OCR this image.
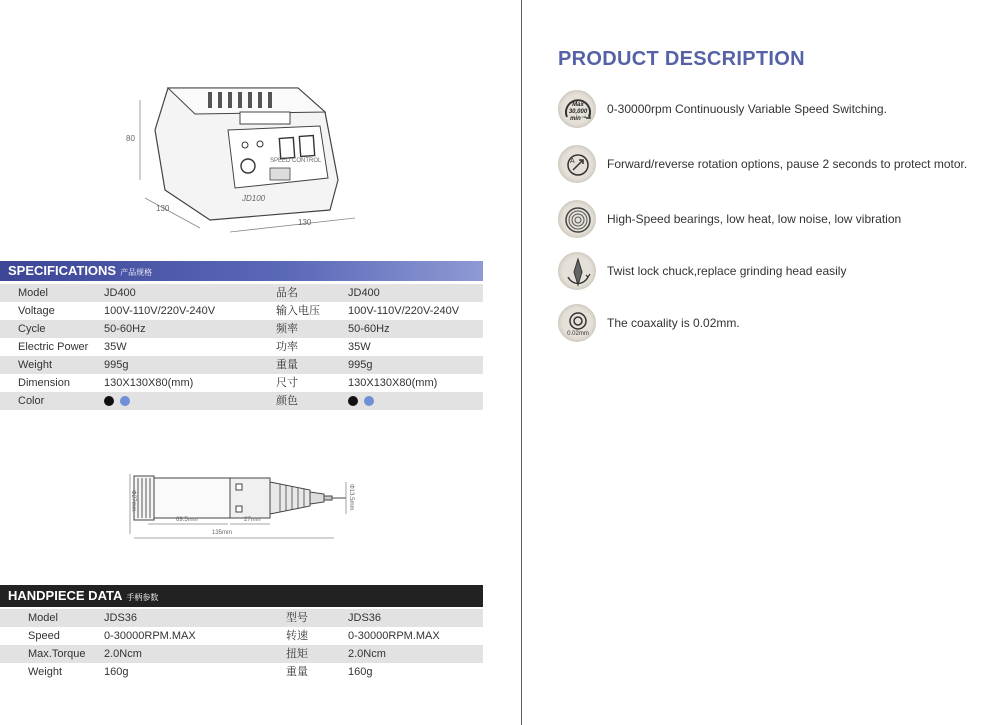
80
130
130
JD100
SPEED CONTROL
SPECIFICATIONS 产品规格
Model	JD400	品名	JD400
Voltage	100V-110V/220V-240V	输入电压	100V-110V/220V-240V
Cycle	50-60Hz	频率	50-60Hz
Electric Power 35W	功率	35W
Weight	995g	重量	995g
Dimension	130X130X80(mm)	尺寸	130X130X80(mm)
Color	颜色
Φ27mm
69.5mm	27mm
135mm
Φ13.5mm
HANDPIECE DATA 手柄参数
Model	JDS36	型号	JDS36
Speed	0-30000RPM.MAX	转速	0-30000RPM.MAX
Max.Torque 2.0Ncm	扭矩	2.0Ncm
Weight	160g	重量	160g
PRODUCT DESCRIPTION
Max 30,000 min⁻¹
0-30000rpm Continuously Variable Speed Switching.
A	Forward/reverse rotation options, pause 2 seconds to protect motor.
High-Speed bearings, low heat, low noise, low vibration
Twist lock chuck,replace grinding head easily
0.02mm
The coaxality is 0.02mm.
